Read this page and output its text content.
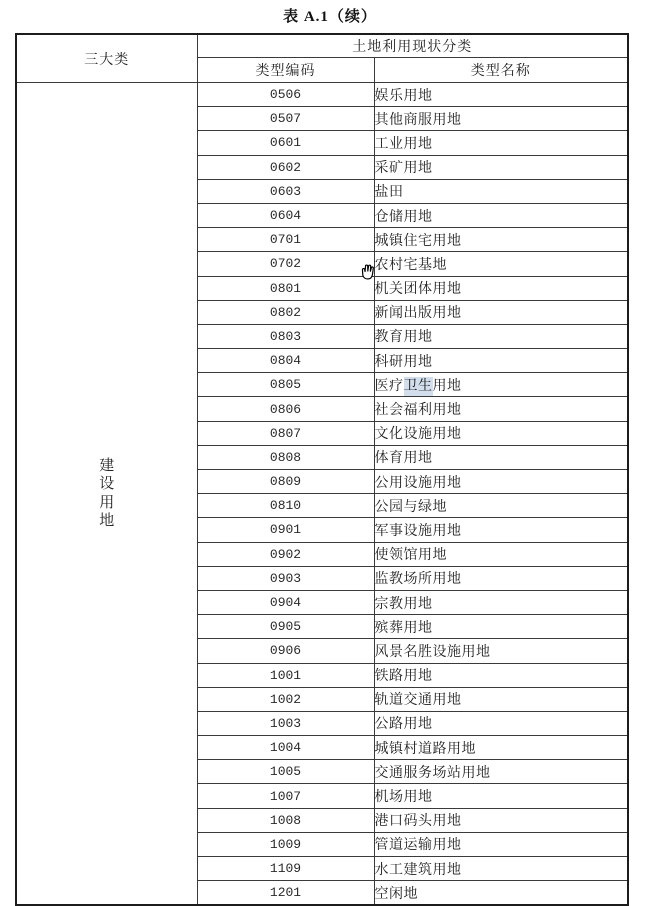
表 A.1（续）
三大类	土地利用现状分类	
	类型编码	类型名称

建
设
用
地	0506	娱乐用地
	0507	其他商服用地
	0601	工业用地
	0602	采矿用地
	0603	盐田
	0604	仓储用地
	0701	城镇住宅用地
	0702	农村宅基地
	0801	机关团体用地
	0802	新闻出版用地
	0803	教育用地
	0804	科研用地
	0805	医疗卫生用地
	0806	社会福利用地
	0807	文化设施用地
	0808	体育用地
	0809	公用设施用地
	0810	公园与绿地
	0901	军事设施用地
	0902	使领馆用地
	0903	监教场所用地
	0904	宗教用地
	0905	殡葬用地
	0906	风景名胜设施用地
	1001	铁路用地
	1002	轨道交通用地
	1003	公路用地
	1004	城镇村道路用地
	1005	交通服务场站用地
	1007	机场用地
	1008	港口码头用地
	1009	管道运输用地
	1109	水工建筑用地
	1201	空闲地
